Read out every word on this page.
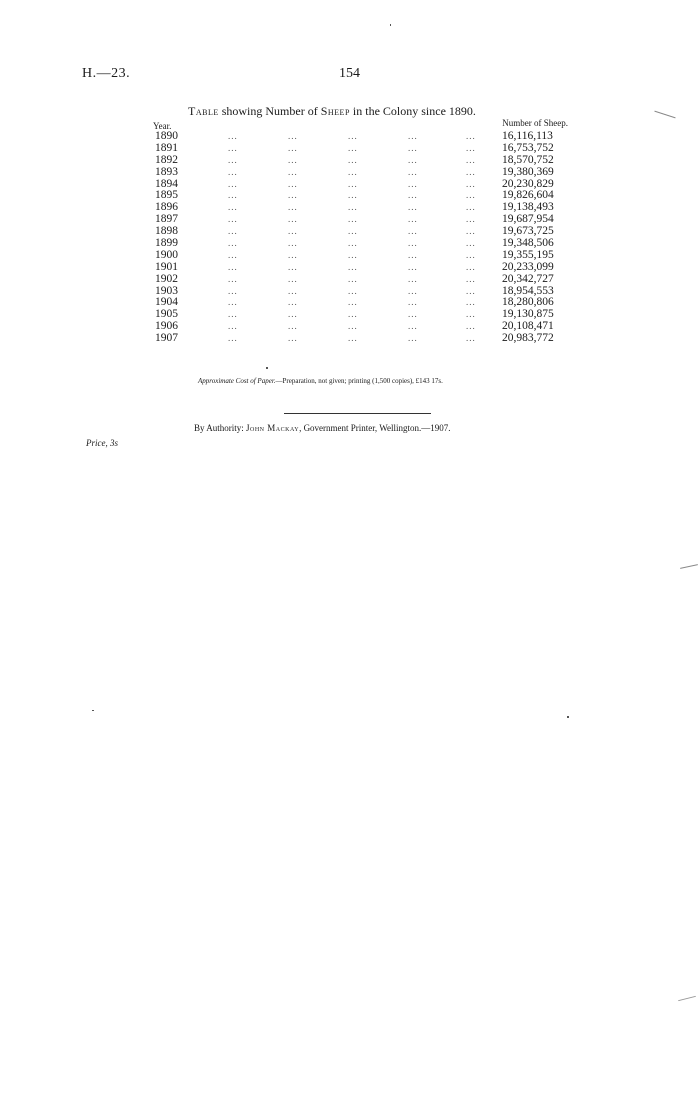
H.—23.	154
Table showing Number of Sheep in the Colony since 1890.
Year.	Number of Sheep.
1890	...	...	...	...	... 16,116,113
1891	...	...	...	...	... 16,753,752
1892	...	...	...	...	... 18,570,752
1893	...	...	...	...	... 19,380,369
1894	...	...	...	...	... 20,230,829
1895	...	...	...	...	... 19,826,604
1896	...	...	...	...	... 19,138,493
1897	...	...	...	...	... 19,687,954
1898	...	...	...	...	... 19,673,725
1899	...	...	...	...	... 19,348,506
1900	...	...	...	...	... 19,355,195
1901	...	...	...	...	... 20,233,099
1902	...	...	...	...	... 20,342,727
1903	...	...	...	...	... 18,954,553
1904	...	...	...	...	... 18,280,806
1905	...	...	...	...	... 19,130,875
1906	...	...	...	...	... 20,108,471
1907	...	...	...	...	... 20,983,772
Approximate Cost of Paper.—Preparation, not given; printing (1,500 copies), £143 17s.
By Authority: John Mackay, Government Printer, Wellington.—1907.
Price, 3s
